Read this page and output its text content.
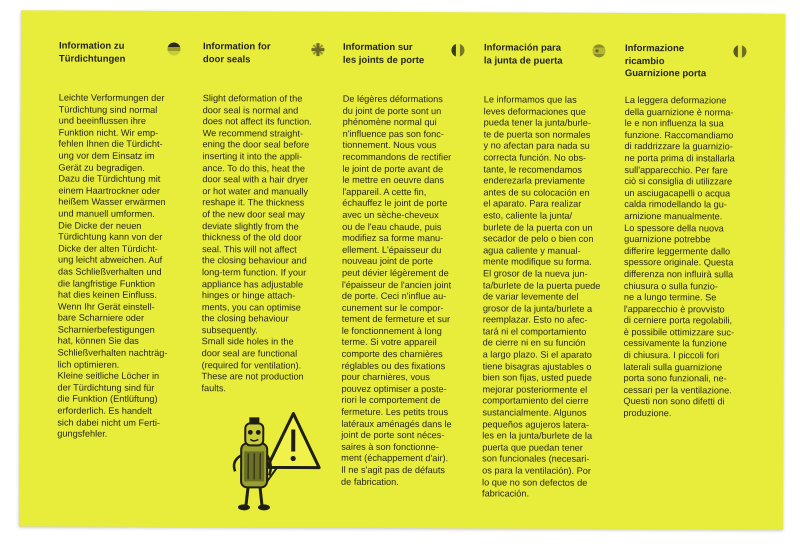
Information zu
Türdichtungen
Leichte Verformungen der
Türdichtung sind normal
und beeinflussen ihre
Funktion nicht. Wir emp-
fehlen Ihnen die Türdicht-
ung vor dem Einsatz im
Gerät zu begradigen.
Dazu die Türdichtung mit
einem Haartrockner oder
heißem Wasser erwärmen
und manuell umformen.
Die Dicke der neuen
Türdichtung kann von der
Dicke der alten Türdicht-
ung leicht abweichen. Auf
das Schließverhalten und
die langfristige Funktion
hat dies keinen Einfluss.
Wenn Ihr Gerät einstell-
bare Scharniere oder
Scharnierbefestigungen
hat, können Sie das
Schließverhalten nachträg-
lich optimieren.
Kleine seitliche Löcher in
der Türdichtung sind für
die Funktion (Entlüftung)
erforderlich. Es handelt
sich dabei nicht um Ferti-
gungsfehler.
Information for
door seals
Slight deformation of the
door seal is normal and
does not affect its function.
We recommend straight-
ening the door seal before
inserting it into the appli-
ance. To do this, heat the
door seal with a hair dryer
or hot water and manually
reshape it. The thickness
of the new door seal may
deviate slightly from the
thickness of the old door
seal. This will not affect
the closing behaviour and
long-term function. If your
appliance has adjustable
hinges or hinge attach-
ments, you can optimise
the closing behaviour
subsequently.
Small side holes in the
door seal are functional
(required for ventilation).
These are not production
faults.
Information sur
les joints de porte
De légères déformations
du joint de porte sont un
phénomène normal qui
n'influence pas son fonc-
tionnement. Nous vous
recommandons de rectifier
le joint de porte avant de
le mettre en oeuvre dans
l'appareil. A cette fin,
échauffez le joint de porte
avec un sèche-cheveux
ou de l'eau chaude, puis
modifiez sa forme manu-
ellement. L'épaisseur du
nouveau joint de porte
peut dévier légèrement de
l'épaisseur de l'ancien joint
de porte. Ceci n'influe au-
cunement sur le compor-
tement de fermeture et sur
le fonctionnement à long
terme. Si votre appareil
comporte des charnières
réglables ou des fixations
pour charnières, vous
pouvez optimiser a poste-
riori le comportement de
fermeture. Les petits trous
latéraux aménagés dans le
joint de porte sont néces-
saires à son fonctionne-
ment (échappement d'air).
Il ne s'agit pas de défauts
de fabrication.
Información para
la junta de puerta
Le informamos que las
leves deformaciones que
pueda tener la junta/burle-
te de puerta son normales
y no afectan para nada su
correcta función. No obs-
tante, le recomendamos
enderezarla previamente
antes de su colocación en
el aparato. Para realizar
esto, caliente la junta/
burlete de la puerta con un
secador de pelo o bien con
agua caliente y manual-
mente modifique su forma.
El grosor de la nueva jun-
ta/burlete de la puerta puede
de variar levemente del
grosor de la junta/burlete a
reemplazar. Esto no afec-
tará ni el comportamiento
de cierre ni en su función
a largo plazo. Si el aparato
tiene bisagras ajustables o
bien son fijas, usted puede
mejorar posteriormente el
comportamiento del cierre
sustancialmente. Algunos
pequeños agujeros latera-
les en la junta/burlete de la
puerta que puedan tener
son funcionales (necesari-
os para la ventilación). Por
lo que no son defectos de
fabricación.
Informazione
ricambio
Guarnizione porta
La leggera deformazione
della guarnizione è norma-
le e non influenza la sua
funzione. Raccomandiamo
di raddrizzare la guarnizio-
ne porta prima di installarla
sull'apparecchio. Per fare
ciò si consiglia di utilizzare
un asciugacapelli o acqua
calda rimodellando la gu-
arnizione manualmente.
Lo spessore della nuova
guarnizione potrebbe
differire leggermente dallo
spessore originale. Questa
differenza non influirà sulla
chiusura o sulla funzio-
ne a lungo termine. Se
l'apparecchio è provvisto
di cerniere porta regolabili,
è possibile ottimizzare suc-
cessivamente la funzione
di chiusura. I piccoli fori
laterali sulla guarnizione
porta sono funzionali, ne-
cessari per la ventilazione.
Questi non sono difetti di
produzione.
